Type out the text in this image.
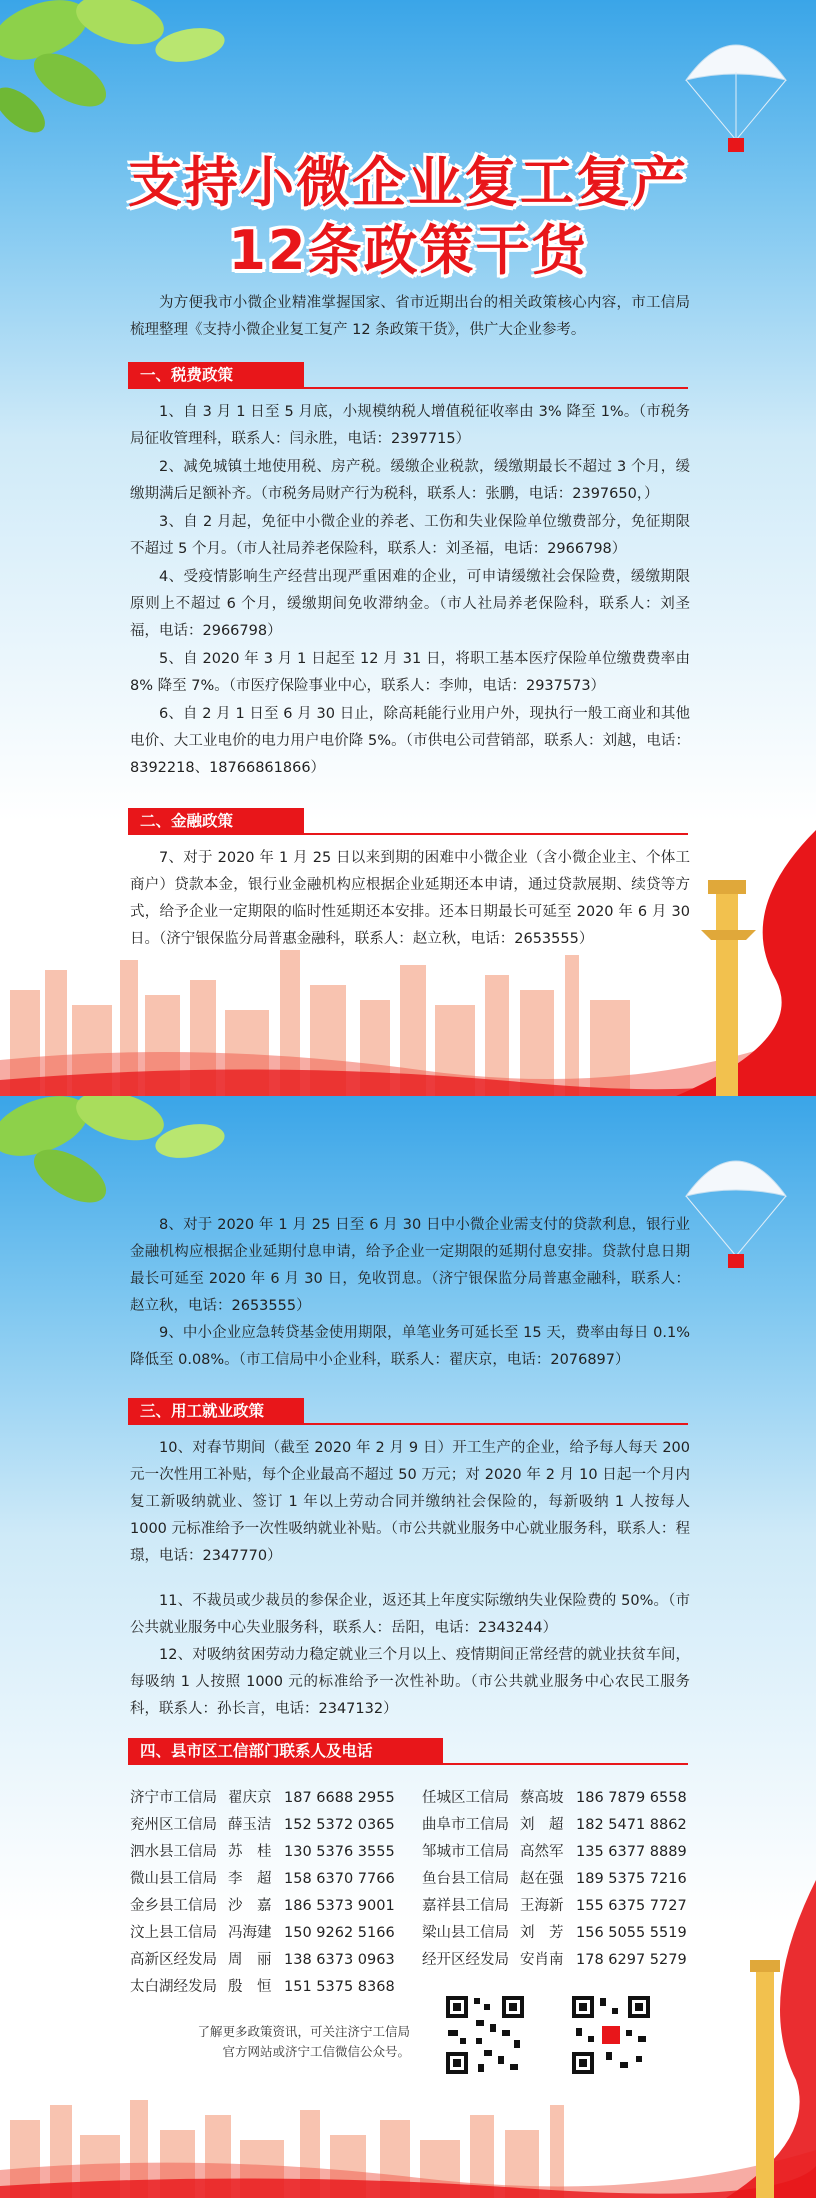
支持小微企业复工复产
12条政策干货
为方便我市小微企业精准掌握国家、省市近期出台的相关政策核心内容，市工信局梳理整理《支持小微企业复工复产 12 条政策干货》，供广大企业参考。
一、税费政策
1、自 3 月 1 日至 5 月底，小规模纳税人增值税征收率由 3% 降至 1%。（市税务局征收管理科，联系人：闫永胜，电话：2397715）
2、减免城镇土地使用税、房产税。缓缴企业税款，缓缴期最长不超过 3 个月，缓缴期满后足额补齐。（市税务局财产行为税科，联系人：张鹏，电话：2397650，）
3、自 2 月起，免征中小微企业的养老、工伤和失业保险单位缴费部分，免征期限不超过 5 个月。（市人社局养老保险科，联系人：刘圣福，电话：2966798）
4、受疫情影响生产经营出现严重困难的企业，可申请缓缴社会保险费，缓缴期限原则上不超过 6 个月，缓缴期间免收滞纳金。（市人社局养老保险科，联系人：刘圣福，电话：2966798）
5、自 2020 年 3 月 1 日起至 12 月 31 日，将职工基本医疗保险单位缴费费率由 8% 降至 7%。（市医疗保险事业中心，联系人：李帅，电话：2937573）
6、自 2 月 1 日至 6 月 30 日止，除高耗能行业用户外，现执行一般工商业和其他电价、大工业电价的电力用户电价降 5%。（市供电公司营销部，联系人：刘越，电话：8392218、18766861866）
二、金融政策
7、对于 2020 年 1 月 25 日以来到期的困难中小微企业（含小微企业主、个体工商户）贷款本金，银行业金融机构应根据企业延期还本申请，通过贷款展期、续贷等方式，给予企业一定期限的临时性延期还本安排。还本日期最长可延至 2020 年 6 月 30 日。（济宁银保监分局普惠金融科，联系人：赵立秋，电话：2653555）
8、对于 2020 年 1 月 25 日至 6 月 30 日中小微企业需支付的贷款利息，银行业金融机构应根据企业延期付息申请，给予企业一定期限的延期付息安排。贷款付息日期最长可延至 2020 年 6 月 30 日，免收罚息。（济宁银保监分局普惠金融科，联系人：赵立秋，电话：2653555）
9、中小企业应急转贷基金使用期限，单笔业务可延长至 15 天，费率由每日 0.1% 降低至 0.08%。（市工信局中小企业科，联系人：翟庆京，电话：2076897）
三、用工就业政策
10、对春节期间（截至 2020 年 2 月 9 日）开工生产的企业，给予每人每天 200 元一次性用工补贴，每个企业最高不超过 50 万元；对 2020 年 2 月 10 日起一个月内复工新吸纳就业、签订 1 年以上劳动合同并缴纳社会保险的，每新吸纳 1 人按每人 1000 元标准给予一次性吸纳就业补贴。（市公共就业服务中心就业服务科，联系人：程璟，电话：2347770）
11、不裁员或少裁员的参保企业，返还其上年度实际缴纳失业保险费的 50%。（市公共就业服务中心失业服务科，联系人：岳阳，电话：2343244）
12、对吸纳贫困劳动力稳定就业三个月以上、疫情期间正常经营的就业扶贫车间，每吸纳 1 人按照 1000 元的标准给予一次性补助。（市公共就业服务中心农民工服务科，联系人：孙长言，电话：2347132）
四、县市区工信部门联系人及电话
济宁市工信局 翟庆京 187 6688 2955
兖州区工信局 薛玉洁 152 5372 0365
泗水县工信局 苏　桂 130 5376 3555
微山县工信局 李　超 158 6370 7766
金乡县工信局 沙　嘉 186 5373 9001
汶上县工信局 冯海建 150 9262 5166
高新区经发局 周　丽 138 6373 0963
太白湖经发局 殷　恒 151 5375 8368
任城区工信局 蔡高坡 186 7879 6558
曲阜市工信局 刘　超 182 5471 8862
邹城市工信局 高然军 135 6377 8889
鱼台县工信局 赵在强 189 5375 7216
嘉祥县工信局 王海新 155 6375 7727
梁山县工信局 刘　芳 156 5055 5519
经开区经发局 安肖南 178 6297 5279
了解更多政策资讯，可关注济宁工信局
官方网站或济宁工信微信公众号。
